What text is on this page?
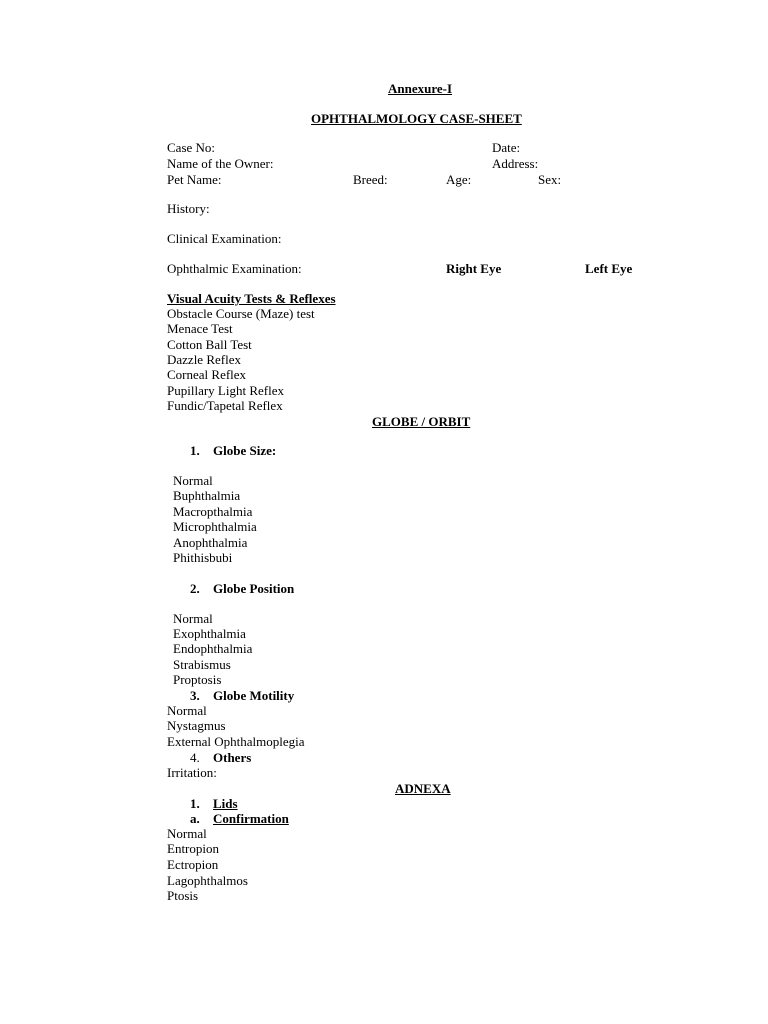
Annexure-I
OPHTHALMOLOGY CASE-SHEET
Case No:	Date:
Name of the Owner:	Address:
Pet Name:	Breed:	Age:	Sex:
History:
Clinical Examination:
Ophthalmic Examination:	Right Eye	Left Eye
Visual Acuity Tests & Reflexes
Obstacle Course (Maze) test
Menace Test
Cotton Ball Test
Dazzle Reflex
Corneal Reflex
Pupillary Light Reflex
Fundic/Tapetal Reflex
GLOBE / ORBIT
1. Globe Size:
Normal
Buphthalmia
Macropthalmia
Microphthalmia
Anophthalmia
Phithisbubi
2. Globe Position
Normal
Exophthalmia
Endophthalmia
Strabismus
Proptosis
3. Globe Motility
Normal
Nystagmus
External Ophthalmoplegia
4. Others
Irritation:
ADNEXA
1. Lids
a. Confirmation
Normal
Entropion
Ectropion
Lagophthalmos
Ptosis
